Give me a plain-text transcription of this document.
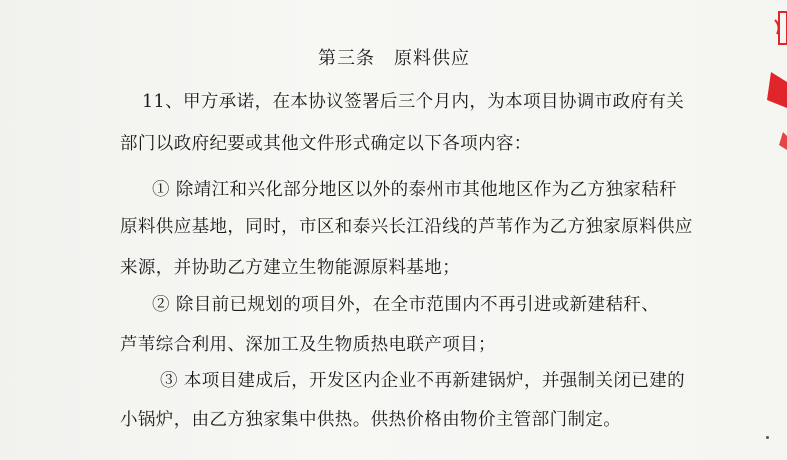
第三条　原料供应
11、甲方承诺，在本协议签署后三个月内，为本项目协调市政府有关
部门以政府纪要或其他文件形式确定以下各项内容：
① 除靖江和兴化部分地区以外的泰州市其他地区作为乙方独家秸秆
原料供应基地，同时，市区和泰兴长江沿线的芦苇作为乙方独家原料供应
来源，并协助乙方建立生物能源原料基地；
② 除目前已规划的项目外，在全市范围内不再引进或新建秸秆、
芦苇综合利用、深加工及生物质热电联产项目；
③ 本项目建成后，开发区内企业不再新建锅炉，并强制关闭已建的
小锅炉，由乙方独家集中供热。供热价格由物价主管部门制定。
